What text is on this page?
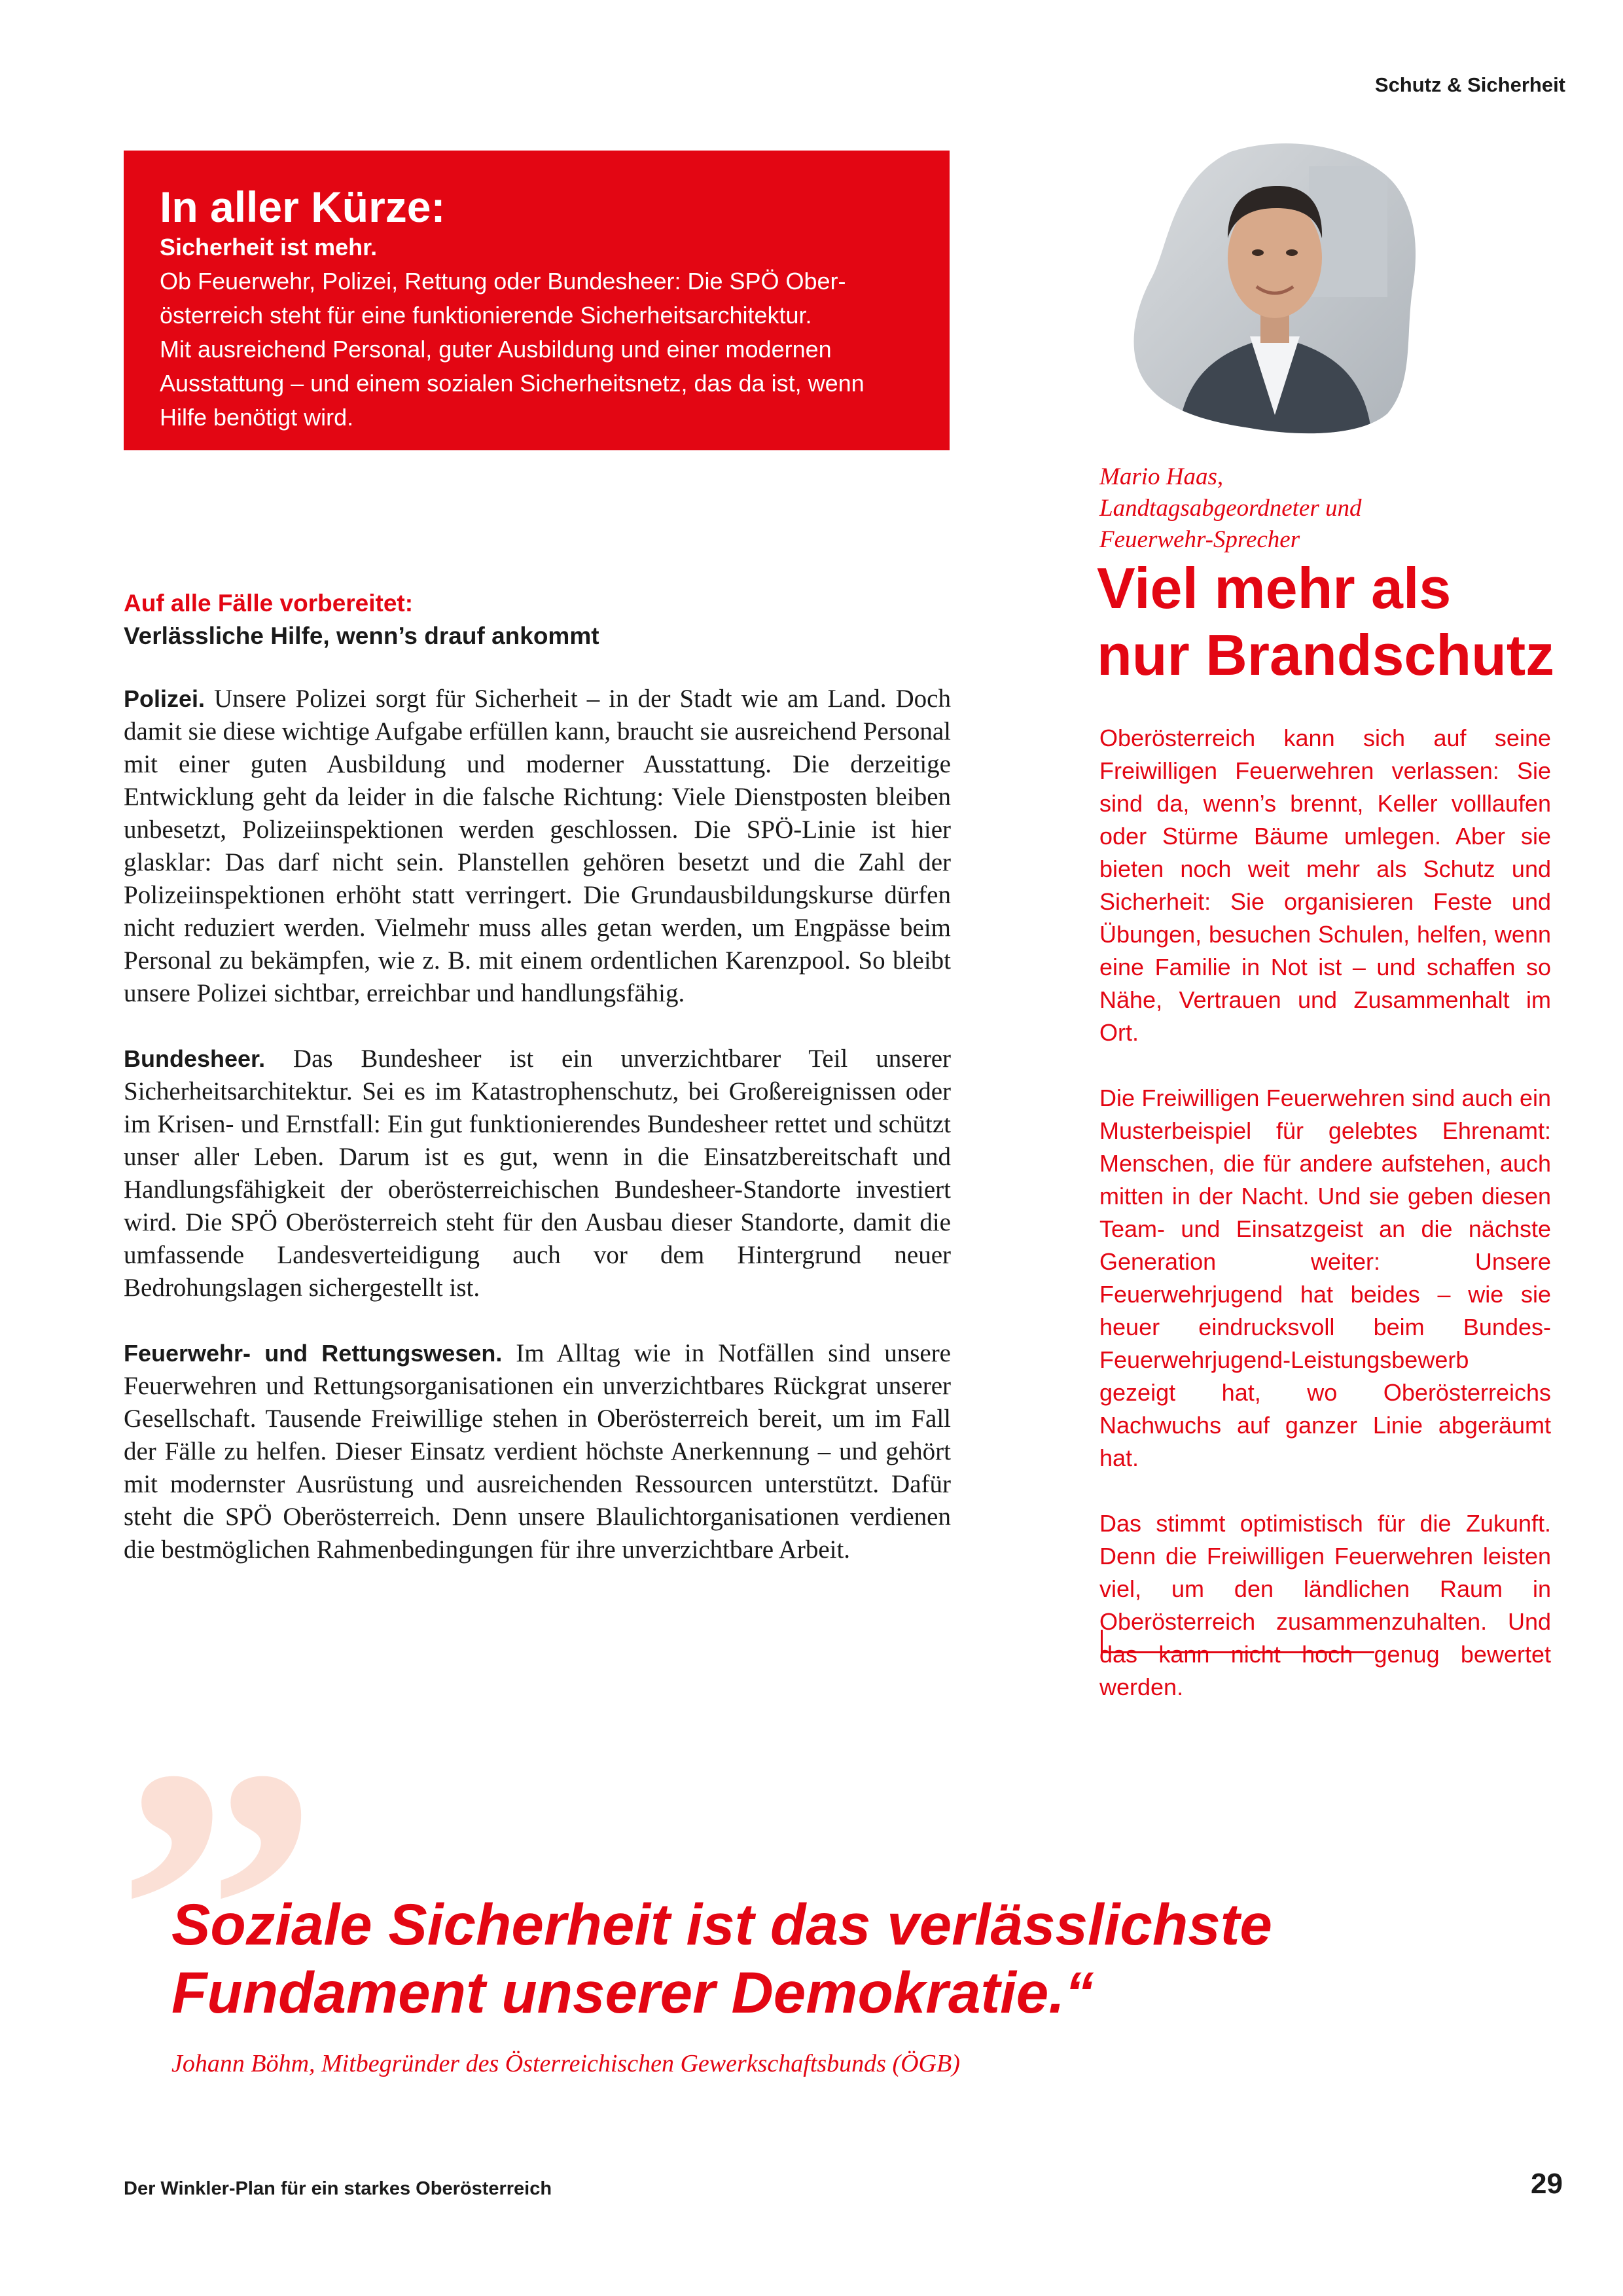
Schutz & Sicherheit
In aller Kürze:
Sicherheit ist mehr.
Ob Feuerwehr, Polizei, Rettung oder Bundesheer: Die SPÖ Ober-
österreich steht für eine funktionierende Sicherheitsarchitektur.
Mit ausreichend Personal, guter Ausbildung und einer modernen
Ausstattung – und einem sozialen Sicherheitsnetz, das da ist, wenn
Hilfe benötigt wird.
Mario Haas,
Landtagsabgeordneter und
Feuerwehr-Sprecher
Viel mehr als
nur Brandschutz

Oberösterreich kann sich auf seine Freiwilligen Feuerwehren verlassen: Sie sind da, wenn’s brennt, Keller volllaufen oder Stürme Bäume umlegen. Aber sie bieten noch weit mehr als Schutz und Sicherheit: Sie organisieren Feste und Übungen, besuchen Schulen, helfen, wenn eine Familie in Not ist – und schaffen so Nähe, Vertrauen und Zusammenhalt im Ort.

Die Freiwilligen Feuerwehren sind auch ein Musterbeispiel für gelebtes Ehrenamt: Menschen, die für andere aufstehen, auch mitten in der Nacht. Und sie geben diesen Team- und Einsatzgeist an die nächste Generation weiter: Unsere Feuerwehrjugend hat beides – wie sie heuer eindrucksvoll beim Bundes-Feuerwehrjugend-Leistungsbewerb gezeigt hat, wo Oberösterreichs Nachwuchs auf ganzer Linie abgeräumt hat.

Das stimmt optimistisch für die Zukunft. Denn die Freiwilligen Feuerwehren leisten viel, um den ländlichen Raum in Oberösterreich zusammenzuhalten. Und das kann nicht hoch genug bewertet werden.

Auf alle Fälle vorbereitet:
Verlässliche Hilfe, wenn’s drauf ankommt

Polizei. Unsere Polizei sorgt für Sicherheit – in der Stadt wie am Land. Doch damit sie diese wichtige Aufgabe erfüllen kann, braucht sie ausreichend Personal mit einer guten Ausbildung und moderner Ausstattung. Die derzeitige Entwicklung geht da leider in die falsche Richtung: Viele Dienstposten bleiben unbesetzt, Polizeiinspektionen werden geschlossen. Die SPÖ-Linie ist hier glasklar: Das darf nicht sein. Planstellen gehören besetzt und die Zahl der Polizeiinspektionen erhöht statt verringert. Die Grundausbildungskurse dürfen nicht reduziert werden. Vielmehr muss alles getan werden, um Engpässe beim Personal zu bekämpfen, wie z. B. mit einem ordentlichen Karenzpool. So bleibt unsere Polizei sichtbar, erreichbar und handlungsfähig.

Bundesheer. Das Bundesheer ist ein unverzichtbarer Teil unserer Sicherheitsarchitektur. Sei es im Katastrophenschutz, bei Großereignissen oder im Krisen- und Ernstfall: Ein gut funktionierendes Bundesheer rettet und schützt unser aller Leben. Darum ist es gut, wenn in die Einsatzbereitschaft und Handlungsfähigkeit der oberösterreichischen Bundesheer-Standorte investiert wird. Die SPÖ Oberösterreich steht für den Ausbau dieser Standorte, damit die umfassende Landesverteidigung auch vor dem Hintergrund neuer Bedrohungslagen sichergestellt ist.

Feuerwehr- und Rettungswesen. Im Alltag wie in Notfällen sind unsere Feuerwehren und Rettungsorganisationen ein unverzichtbares Rückgrat unserer Gesellschaft. Tausende Freiwillige stehen in Oberösterreich bereit, um im Fall der Fälle zu helfen. Dieser Einsatz verdient höchste Anerkennung – und gehört mit modernster Ausrüstung und ausreichenden Ressourcen unterstützt. Dafür steht die SPÖ Oberösterreich. Denn unsere Blaulichtorganisationen verdienen die bestmöglichen Rahmenbedingungen für ihre unverzichtbare Arbeit.

”
Soziale Sicherheit ist das verlässlichste
Fundament unserer Demokratie.“
Johann Böhm, Mitbegründer des Österreichischen Gewerkschaftsbunds (ÖGB)
Der Winkler-Plan für ein starkes Oberösterreich	29
